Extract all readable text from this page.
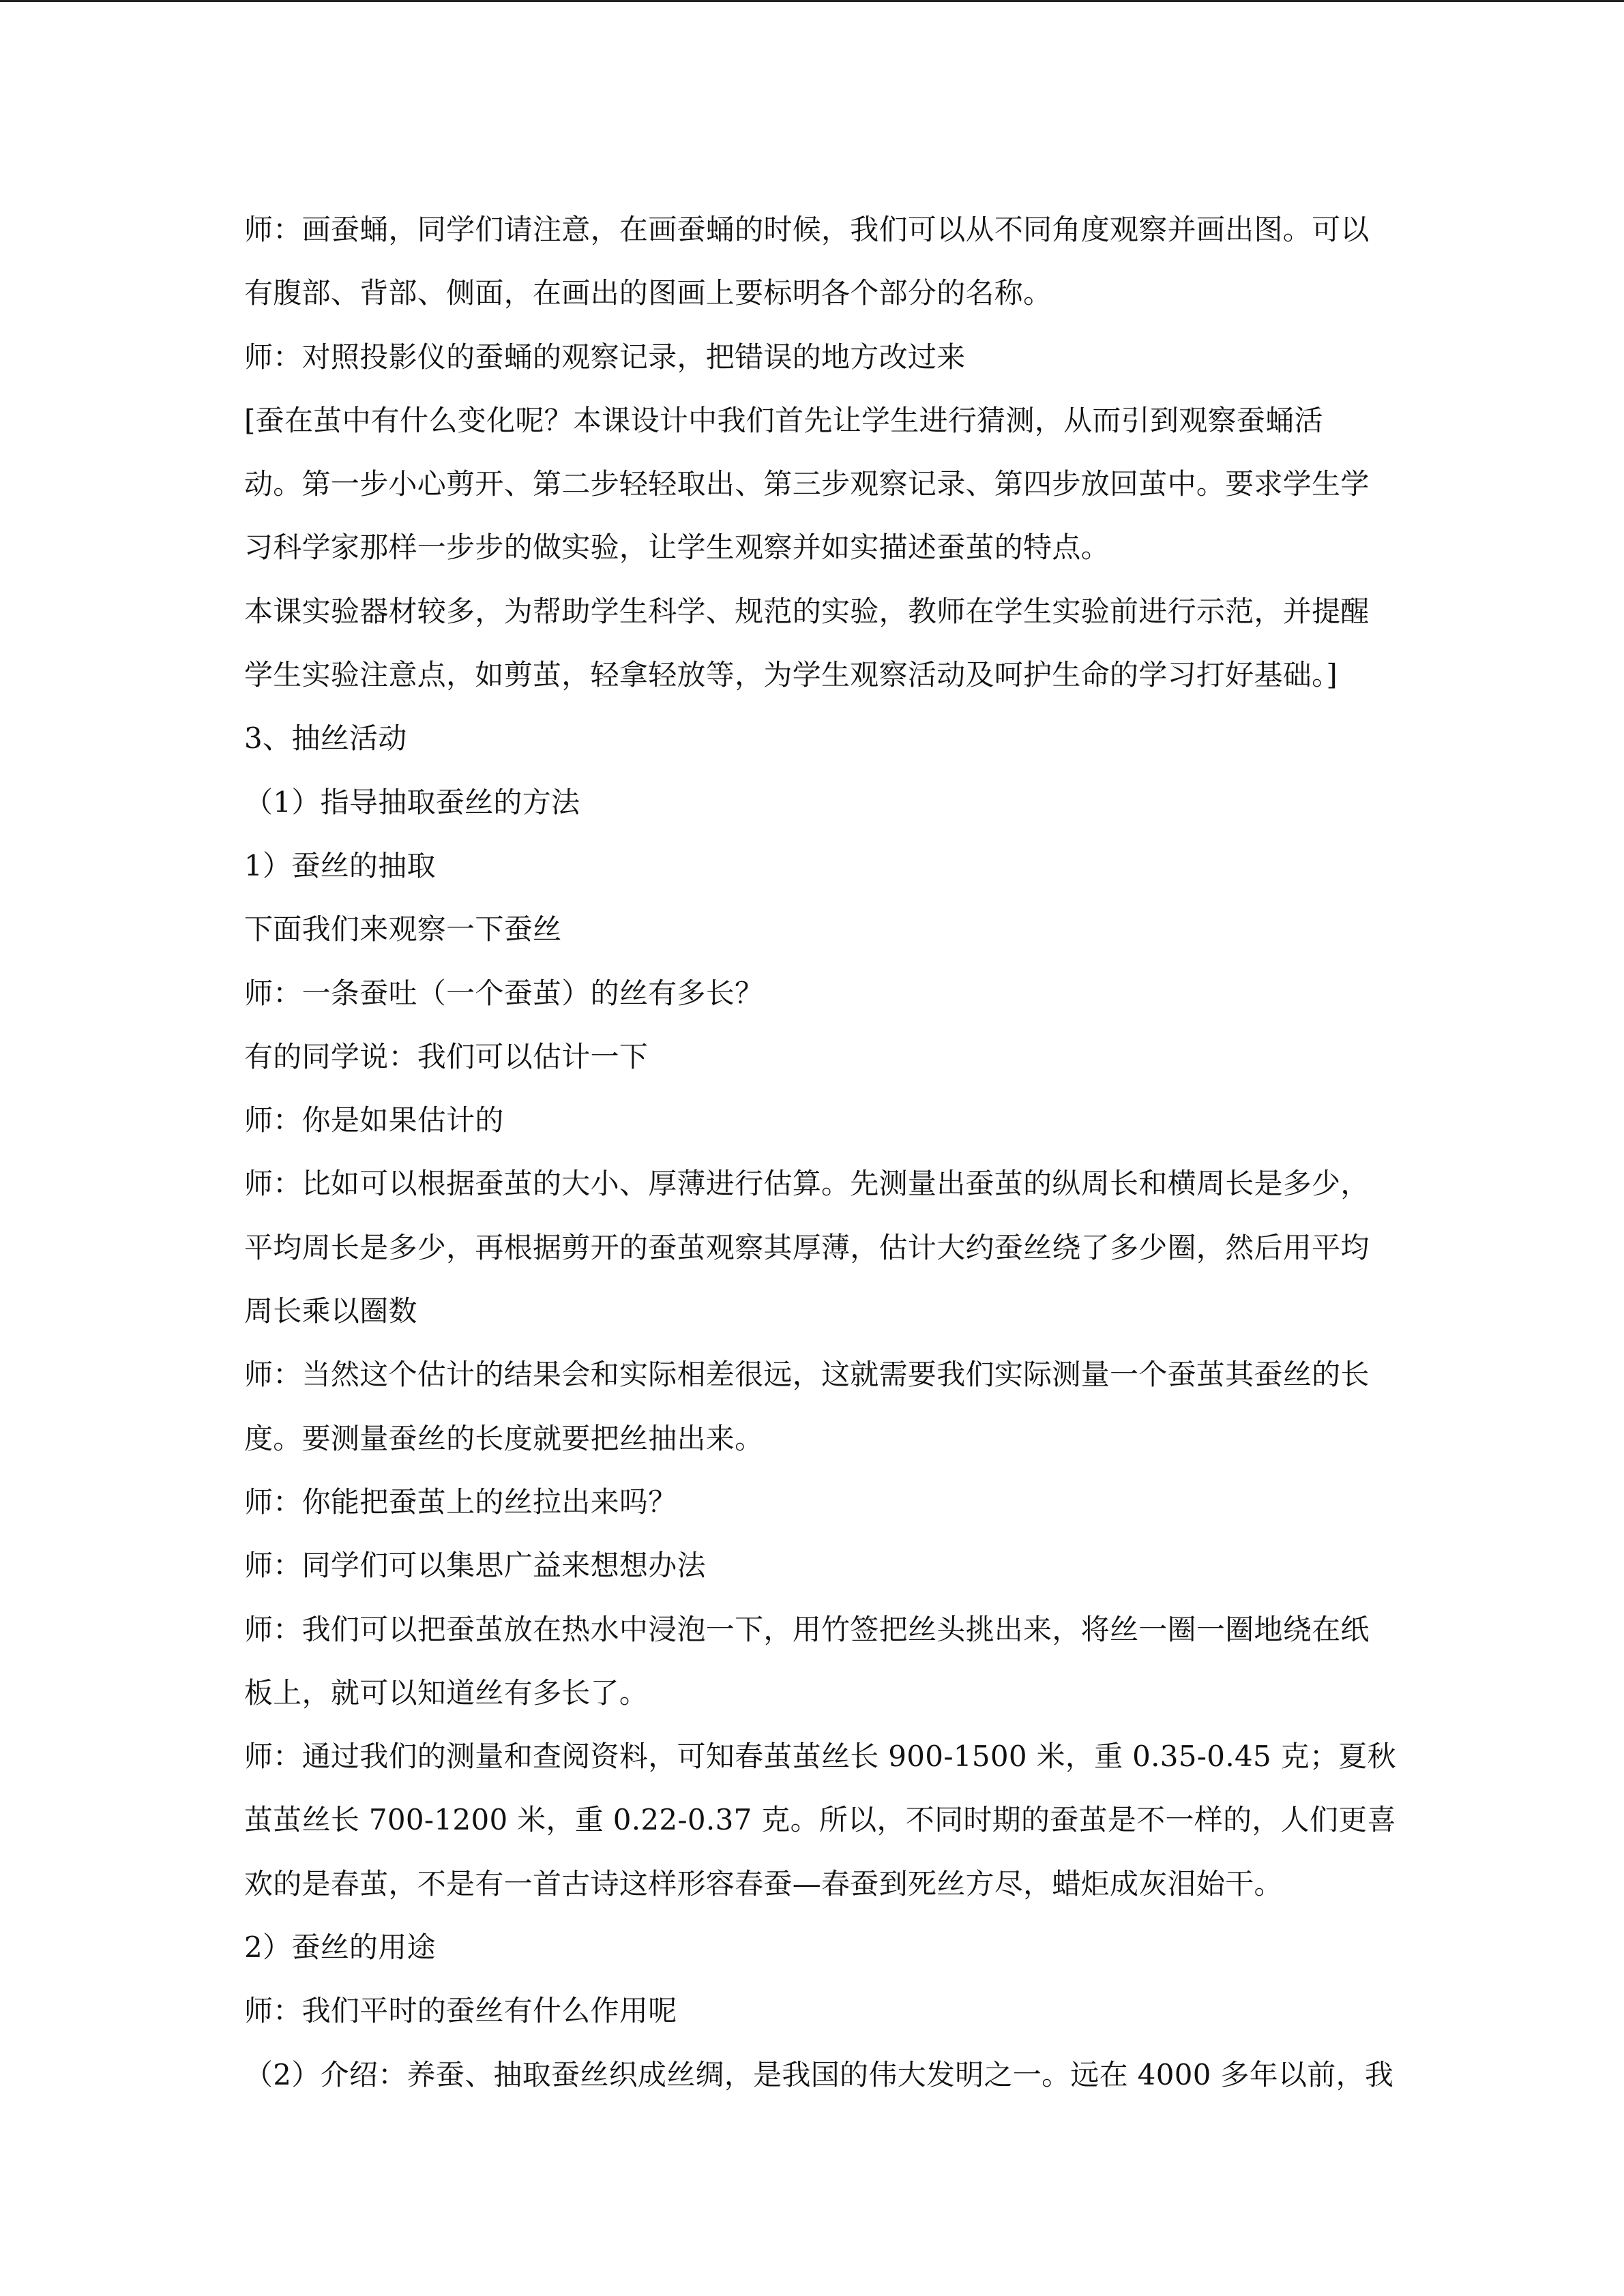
师：画蚕蛹，同学们请注意，在画蚕蛹的时候，我们可以从不同角度观察并画出图。可以
有腹部、背部、侧面，在画出的图画上要标明各个部分的名称。
师：对照投影仪的蚕蛹的观察记录，把错误的地方改过来
[蚕在茧中有什么变化呢？本课设计中我们首先让学生进行猜测，从而引到观察蚕蛹活
动。第一步小心剪开、第二步轻轻取出、第三步观察记录、第四步放回茧中。要求学生学
习科学家那样一步步的做实验，让学生观察并如实描述蚕茧的特点。
本课实验器材较多，为帮助学生科学、规范的实验，教师在学生实验前进行示范，并提醒
学生实验注意点，如剪茧，轻拿轻放等，为学生观察活动及呵护生命的学习打好基础。]
3、抽丝活动
（1）指导抽取蚕丝的方法
1）蚕丝的抽取
下面我们来观察一下蚕丝
师：一条蚕吐（一个蚕茧）的丝有多长？
有的同学说：我们可以估计一下
师：你是如果估计的
师：比如可以根据蚕茧的大小、厚薄进行估算。先测量出蚕茧的纵周长和横周长是多少，
平均周长是多少，再根据剪开的蚕茧观察其厚薄，估计大约蚕丝绕了多少圈，然后用平均
周长乘以圈数
师：当然这个估计的结果会和实际相差很远，这就需要我们实际测量一个蚕茧其蚕丝的长
度。要测量蚕丝的长度就要把丝抽出来。
师：你能把蚕茧上的丝拉出来吗？
师：同学们可以集思广益来想想办法
师：我们可以把蚕茧放在热水中浸泡一下，用竹签把丝头挑出来，将丝一圈一圈地绕在纸
板上，就可以知道丝有多长了。
师：通过我们的测量和查阅资料，可知春茧茧丝长 900-1500 米，重 0.35-0.45 克；夏秋
茧茧丝长 700-1200 米，重 0.22-0.37 克。所以，不同时期的蚕茧是不一样的，人们更喜
欢的是春茧，不是有一首古诗这样形容春蚕—春蚕到死丝方尽，蜡炬成灰泪始干。
2）蚕丝的用途
师：我们平时的蚕丝有什么作用呢
（2）介绍：养蚕、抽取蚕丝织成丝绸，是我国的伟大发明之一。远在 4000 多年以前，我
